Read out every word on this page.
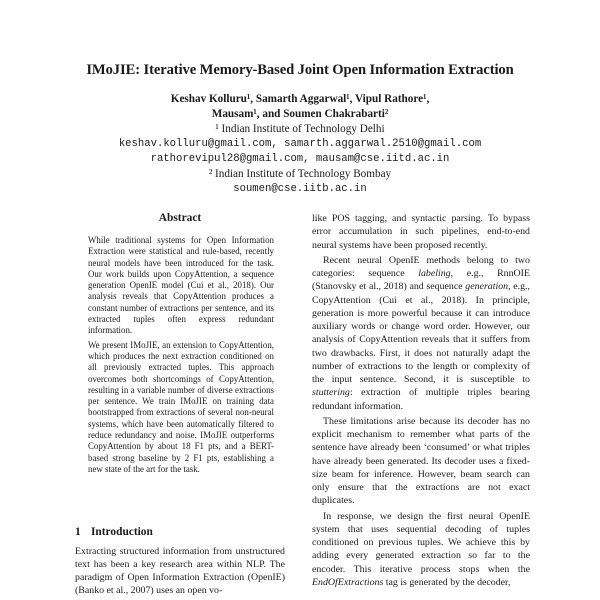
IMoJIE: Iterative Memory-Based Joint Open Information Extraction
Keshav Kolluru¹, Samarth Aggarwal¹, Vipul Rathore¹,
Mausam¹, and Soumen Chakrabarti²
¹ Indian Institute of Technology Delhi
keshav.kolluru@gmail.com, samarth.aggarwal.2510@gmail.com
rathorevipul28@gmail.com, mausam@cse.iitd.ac.in
² Indian Institute of Technology Bombay
soumen@cse.iitb.ac.in
Abstract

While traditional systems for Open Information Extraction were statistical and rule-based, recently neural models have been introduced for the task. Our work builds upon CopyAttention, a sequence generation OpenIE model (Cui et al., 2018). Our analysis reveals that CopyAttention produces a constant number of extractions per sentence, and its extracted tuples often express redundant information.

We present IMoJIE, an extension to CopyAttention, which produces the next extraction conditioned on all previously extracted tuples. This approach overcomes both shortcomings of CopyAttention, resulting in a variable number of diverse extractions per sentence. We train IMoJIE on training data bootstrapped from extractions of several non-neural systems, which have been automatically filtered to reduce redundancy and noise. IMoJIE outperforms CopyAttention by about 18 F1 pts, and a BERT-based strong baseline by 2 F1 pts, establishing a new state of the art for the task.

1 Introduction
Extracting structured information from unstructured text has been a key research area within NLP. The paradigm of Open Information Extraction (OpenIE) (Banko et al., 2007) uses an open vo-

like POS tagging, and syntactic parsing. To bypass error accumulation in such pipelines, end-to-end neural systems have been proposed recently.

Recent neural OpenIE methods belong to two categories: sequence labeling, e.g., RnnOIE (Stanovsky et al., 2018) and sequence generation, e.g., CopyAttention (Cui et al., 2018). In principle, generation is more powerful because it can introduce auxiliary words or change word order. However, our analysis of CopyAttention reveals that it suffers from two drawbacks. First, it does not naturally adapt the number of extractions to the length or complexity of the input sentence. Second, it is susceptible to stuttering: extraction of multiple triples bearing redundant information.

These limitations arise because its decoder has no explicit mechanism to remember what parts of the sentence have already been ‘consumed’ or what triples have already been generated. Its decoder uses a fixed-size beam for inference. However, beam search can only ensure that the extractions are not exact duplicates.

In response, we design the first neural OpenIE system that uses sequential decoding of tuples conditioned on previous tuples. We achieve this by adding every generated extraction so far to the encoder. This iterative process stops when the EndOfExtractions tag is generated by the decoder,
